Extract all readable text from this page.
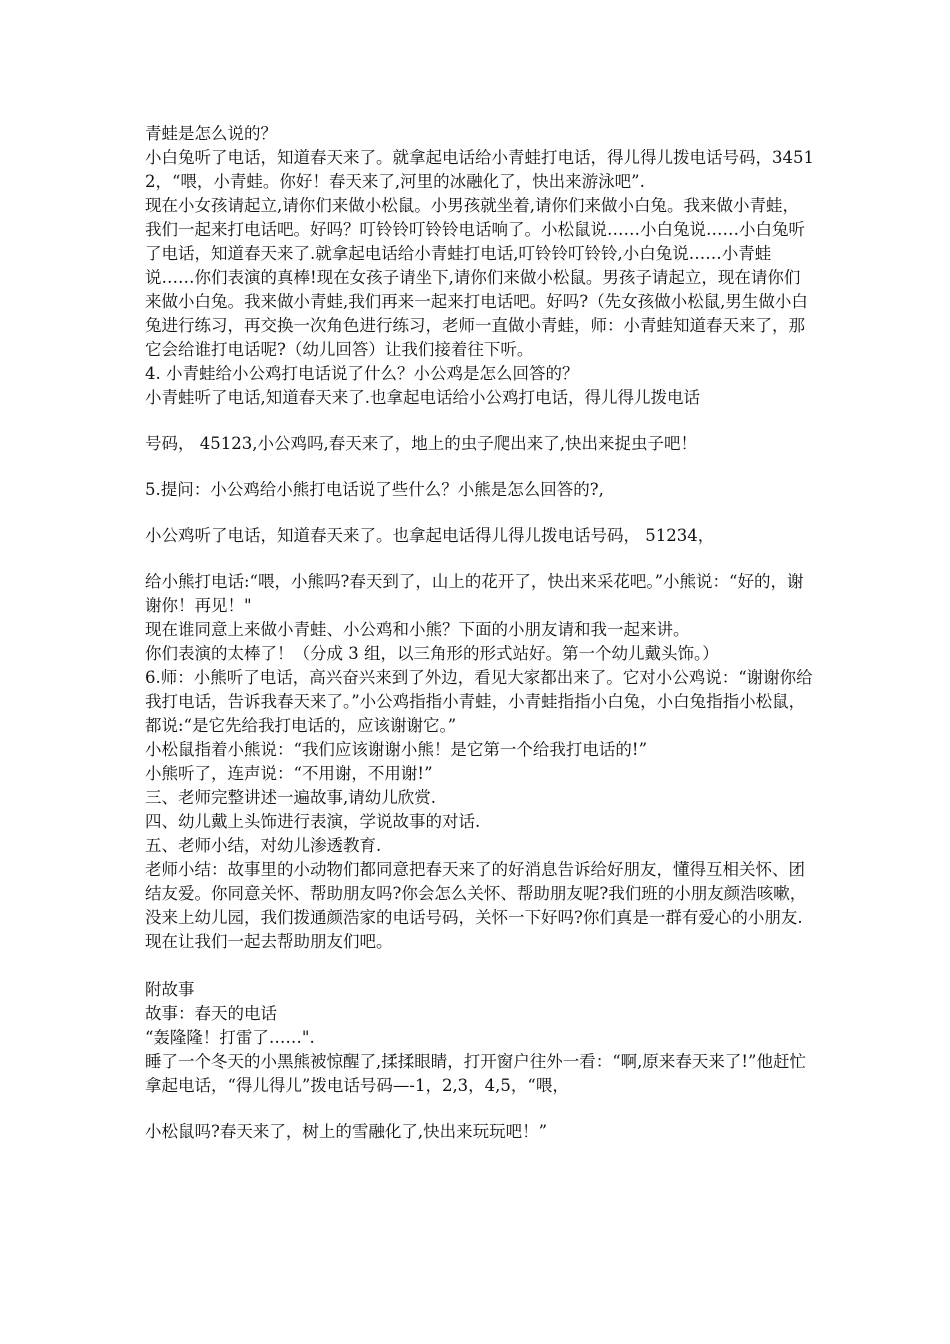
青蛙是怎么说的？

小白兔听了电话，知道春天来了。就拿起电话给小青蛙打电话，得儿得儿拨电话号码，34512，“喂，小青蛙。你好！春天来了,河里的冰融化了，快出来游泳吧”.

现在小女孩请起立,请你们来做小松鼠。小男孩就坐着,请你们来做小白兔。我来做小青蛙，我们一起来打电话吧。好吗？叮铃铃叮铃铃电话响了。小松鼠说……小白兔说……小白兔听了电话，知道春天来了.就拿起电话给小青蛙打电话,叮铃铃叮铃铃,小白兔说……小青蛙说……你们表演的真棒!现在女孩子请坐下,请你们来做小松鼠。男孩子请起立，现在请你们来做小白兔。我来做小青蛙,我们再来一起来打电话吧。好吗?（先女孩做小松鼠,男生做小白兔进行练习，再交换一次角色进行练习，老师一直做小青蛙，师：小青蛙知道春天来了，那它会给谁打电话呢?（幼儿回答）让我们接着往下听。

4. 小青蛙给小公鸡打电话说了什么？小公鸡是怎么回答的？

小青蛙听了电话,知道春天来了.也拿起电话给小公鸡打电话，得儿得儿拨电话

号码， 45123,小公鸡吗,春天来了，地上的虫子爬出来了,快出来捉虫子吧！

5.提问：小公鸡给小熊打电话说了些什么？小熊是怎么回答的?,

小公鸡听了电话，知道春天来了。也拿起电话得儿得儿拨电话号码， 51234，

给小熊打电话:“喂，小熊吗?春天到了，山上的花开了，快出来采花吧。”小熊说：“好的，谢谢你！再见！"

现在谁同意上来做小青蛙、小公鸡和小熊？下面的小朋友请和我一起来讲。

你们表演的太棒了！（分成 3 组，以三角形的形式站好。第一个幼儿戴头饰。）

6.师：小熊听了电话，高兴奋兴来到了外边，看见大家都出来了。它对小公鸡说：“谢谢你给我打电话，告诉我春天来了。”小公鸡指指小青蛙，小青蛙指指小白兔，小白兔指指小松鼠，都说:“是它先给我打电话的，应该谢谢它。”

小松鼠指着小熊说：“我们应该谢谢小熊！是它第一个给我打电话的!”

小熊听了，连声说：“不用谢，不用谢!”

三、老师完整讲述一遍故事,请幼儿欣赏.

四、幼儿戴上头饰进行表演，学说故事的对话.

五、老师小结，对幼儿渗透教育.

老师小结：故事里的小动物们都同意把春天来了的好消息告诉给好朋友，懂得互相关怀、团结友爱。你同意关怀、帮助朋友吗?你会怎么关怀、帮助朋友呢?我们班的小朋友颜浩咳嗽，没来上幼儿园，我们拨通颜浩家的电话号码，关怀一下好吗?你们真是一群有爱心的小朋友.现在让我们一起去帮助朋友们吧。

附故事

故事：春天的电话

“轰隆隆！打雷了……".

睡了一个冬天的小黑熊被惊醒了,揉揉眼睛，打开窗户往外一看：“啊,原来春天来了!”他赶忙拿起电话，“得儿得儿”拨电话号码—-1，2,3，4,5，“喂，

小松鼠吗?春天来了，树上的雪融化了,快出来玩玩吧！”
